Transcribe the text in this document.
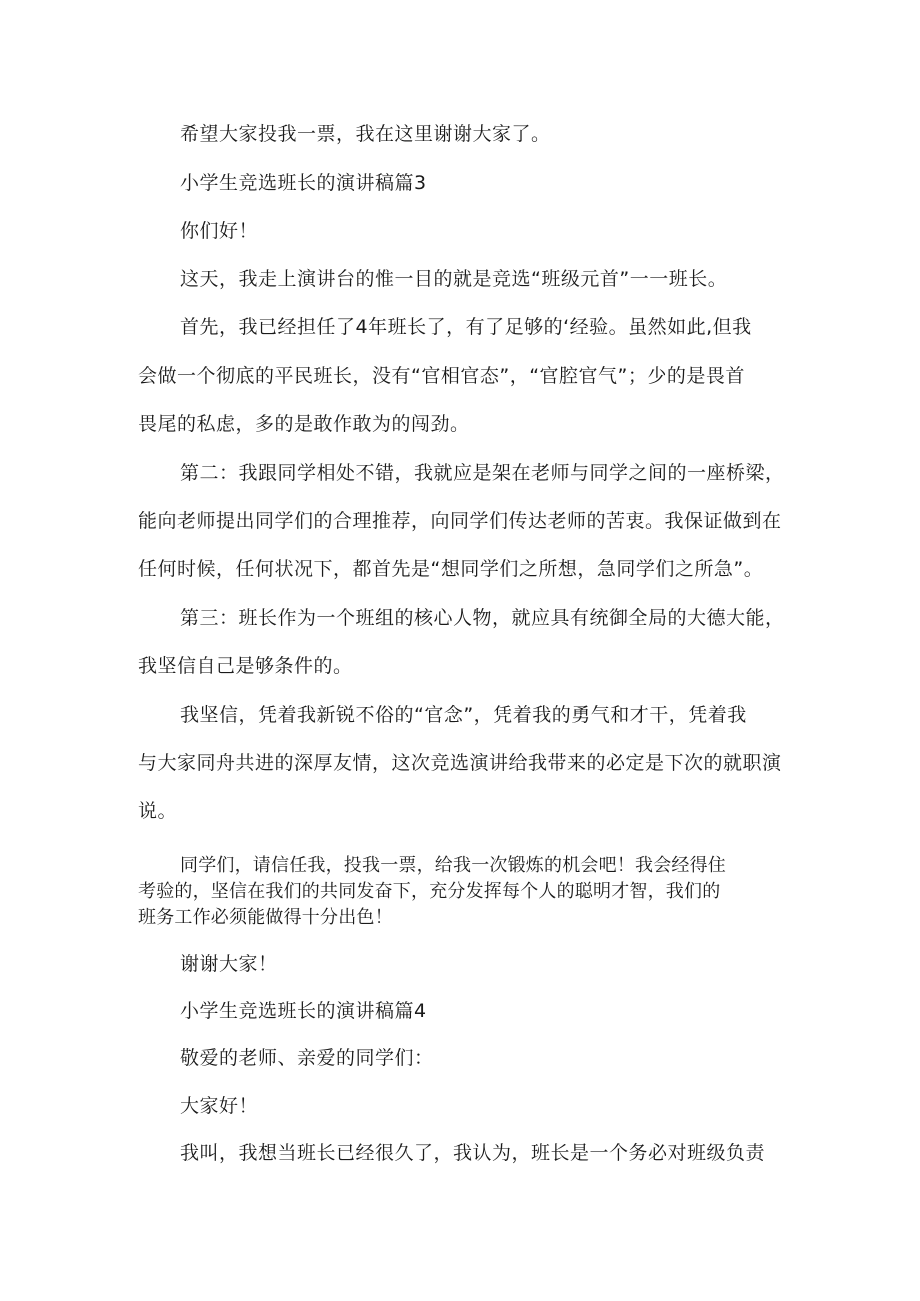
希望大家投我一票，我在这里谢谢大家了。
小学生竞选班长的演讲稿篇3
你们好！
这天，我走上演讲台的惟一目的就是竞选“班级元首”一一班长。
首先，我已经担任了4年班长了，有了足够的‘经验。虽然如此,但我
会做一个彻底的平民班长，没有“官相官态”，“官腔官气”；少的是畏首
畏尾的私虑，多的是敢作敢为的闯劲。
第二：我跟同学相处不错，我就应是架在老师与同学之间的一座桥梁，
能向老师提出同学们的合理推荐，向同学们传达老师的苦衷。我保证做到在
任何时候，任何状况下，都首先是“想同学们之所想，急同学们之所急”。
第三：班长作为一个班组的核心人物，就应具有统御全局的大德大能，
我坚信自己是够条件的。
我坚信，凭着我新锐不俗的“官念”，凭着我的勇气和才干，凭着我
与大家同舟共进的深厚友情，这次竞选演讲给我带来的必定是下次的就职演
说。
同学们，请信任我，投我一票，给我一次锻炼的机会吧！我会经得住
考验的，坚信在我们的共同发奋下，充分发挥每个人的聪明才智，我们的
班务工作必须能做得十分出色！
谢谢大家！
小学生竞选班长的演讲稿篇4
敬爱的老师、亲爱的同学们：
大家好！
我叫，我想当班长已经很久了，我认为，班长是一个务必对班级负责
